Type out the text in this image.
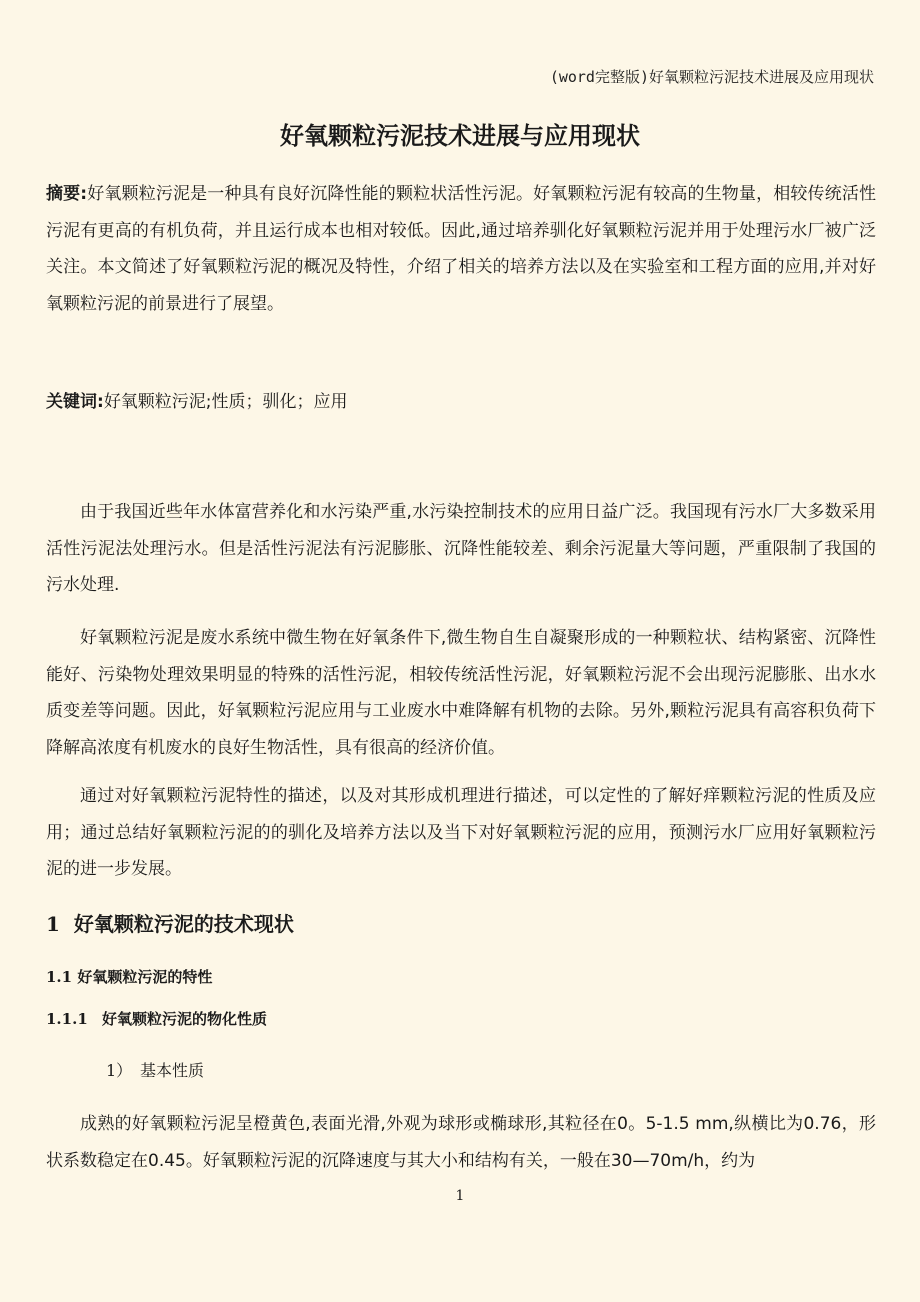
(word完整版)好氧颗粒污泥技术进展及应用现状
好氧颗粒污泥技术进展与应用现状
摘要:好氧颗粒污泥是一种具有良好沉降性能的颗粒状活性污泥。好氧颗粒污泥有较高的生物量，相较传统活性污泥有更高的有机负荷，并且运行成本也相对较低。因此,通过培养驯化好氧颗粒污泥并用于处理污水厂被广泛关注。本文简述了好氧颗粒污泥的概况及特性，介绍了相关的培养方法以及在实验室和工程方面的应用,并对好氧颗粒污泥的前景进行了展望。
关键词:好氧颗粒污泥;性质；驯化；应用
由于我国近些年水体富营养化和水污染严重,水污染控制技术的应用日益广泛。我国现有污水厂大多数采用活性污泥法处理污水。但是活性污泥法有污泥膨胀、沉降性能较差、剩余污泥量大等问题，严重限制了我国的污水处理.
好氧颗粒污泥是废水系统中微生物在好氧条件下,微生物自生自凝聚形成的一种颗粒状、结构紧密、沉降性能好、污染物处理效果明显的特殊的活性污泥，相较传统活性污泥，好氧颗粒污泥不会出现污泥膨胀、出水水质变差等问题。因此，好氧颗粒污泥应用与工业废水中难降解有机物的去除。另外,颗粒污泥具有高容积负荷下降解高浓度有机废水的良好生物活性，具有很高的经济价值。
通过对好氧颗粒污泥特性的描述，以及对其形成机理进行描述，可以定性的了解好痒颗粒污泥的性质及应用；通过总结好氧颗粒污泥的的驯化及培养方法以及当下对好氧颗粒污泥的应用，预测污水厂应用好氧颗粒污泥的进一步发展。
1 好氧颗粒污泥的技术现状
1.1 好氧颗粒污泥的特性
1.1.1 好氧颗粒污泥的物化性质
1） 基本性质
成熟的好氧颗粒污泥呈橙黄色,表面光滑,外观为球形或椭球形,其粒径在0。5-1.5 mm,纵横比为0.76，形状系数稳定在0.45。好氧颗粒污泥的沉降速度与其大小和结构有关，一般在30—70m/h，约为
1
